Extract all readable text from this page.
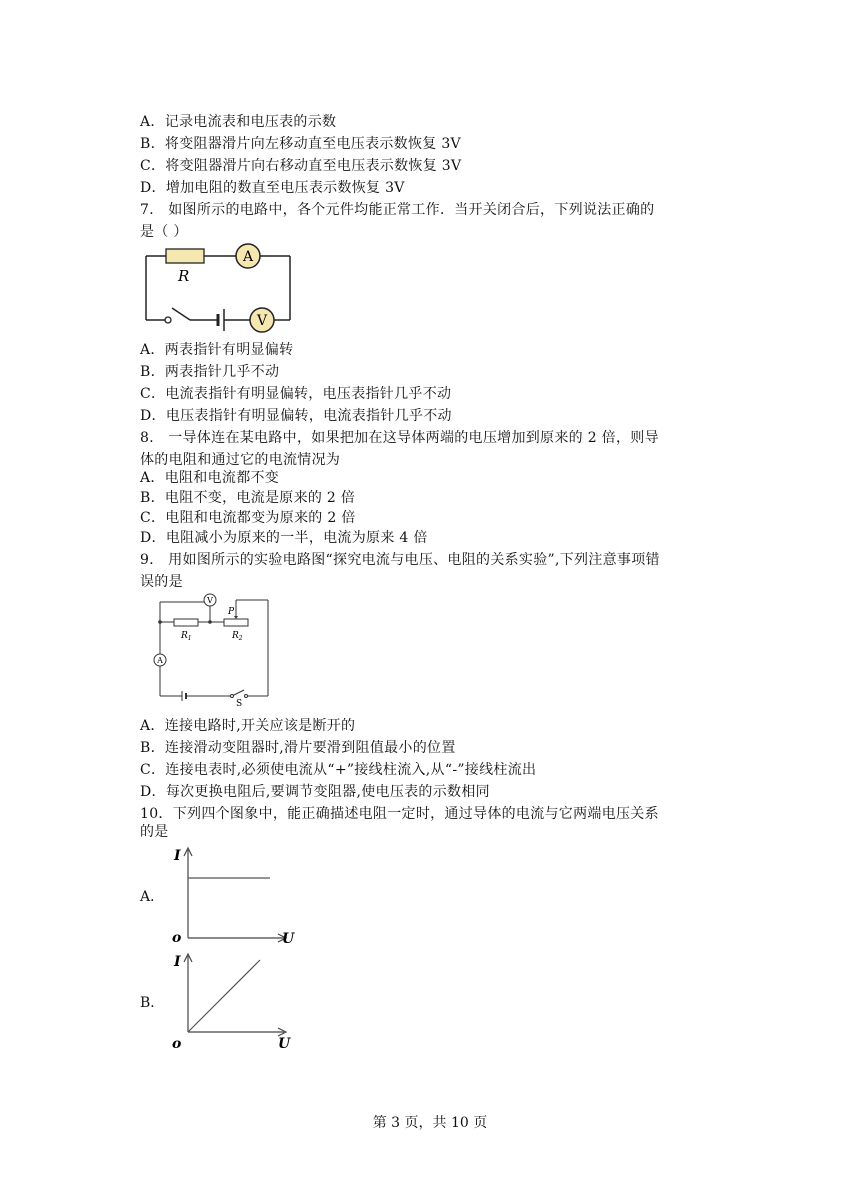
A．记录电流表和电压表的示数
B．将变阻器滑片向左移动直至电压表示数恢复 3V
C．将变阻器滑片向右移动直至电压表示数恢复 3V
D．增加电阻的数直至电压表示数恢复 3V
7． 如图所示的电路中，各个元件均能正常工作．当开关闭合后，下列说法正确的
是（ ）
A
V
R
A．两表指针有明显偏转
B．两表指针几乎不动
C．电流表指针有明显偏转，电压表指针几乎不动
D．电压表指针有明显偏转，电流表指针几乎不动
8． 一导体连在某电路中，如果把加在这导体两端的电压增加到原来的 2 倍，则导
体的电阻和通过它的电流情况为
A．电阻和电流都不变
B．电阻不变，电流是原来的 2 倍
C．电阻和电流都变为原来的 2 倍
D．电阻减小为原来的一半，电流为原来 4 倍
9． 用如图所示的实验电路图“探究电流与电压、电阻的关系实验”,下列注意事项错
误的是
V
A
P
$R_1$	$R_2$
S
A．连接电路时,开关应该是断开的
B．连接滑动变阻器时,滑片要滑到阻值最小的位置
C．连接电表时,必须使电流从“+”接线柱流入,从“-”接线柱流出
D．每次更换电阻后,要调节变阻器,使电压表的示数相同
10．下列四个图象中，能正确描述电阻一定时，通过导体的电流与它两端电压关系
的是
A．
I
U
o
B．
I
U
o
第 3 页，共 10 页
